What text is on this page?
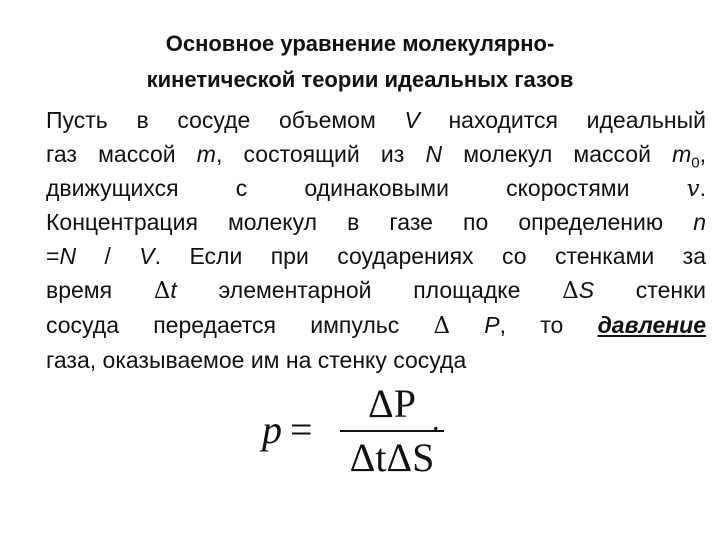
Основное уравнение молекулярно-
кинетической теории идеальных газов
Пусть в сосуде объемом V находится идеальный
газ массой m, состоящий из N молекул массой $m_0$,
движущихся с одинаковыми скоростями v.
Концентрация молекул в газе по определению n
=N / V. Если при соударениях со стенками за
время Δt элементарной площадке ΔS стенки
сосуда передается импульс Δ P, то давление
газа, оказываемое им на стенку сосуда
p =
ΔP
ΔtΔS
.
